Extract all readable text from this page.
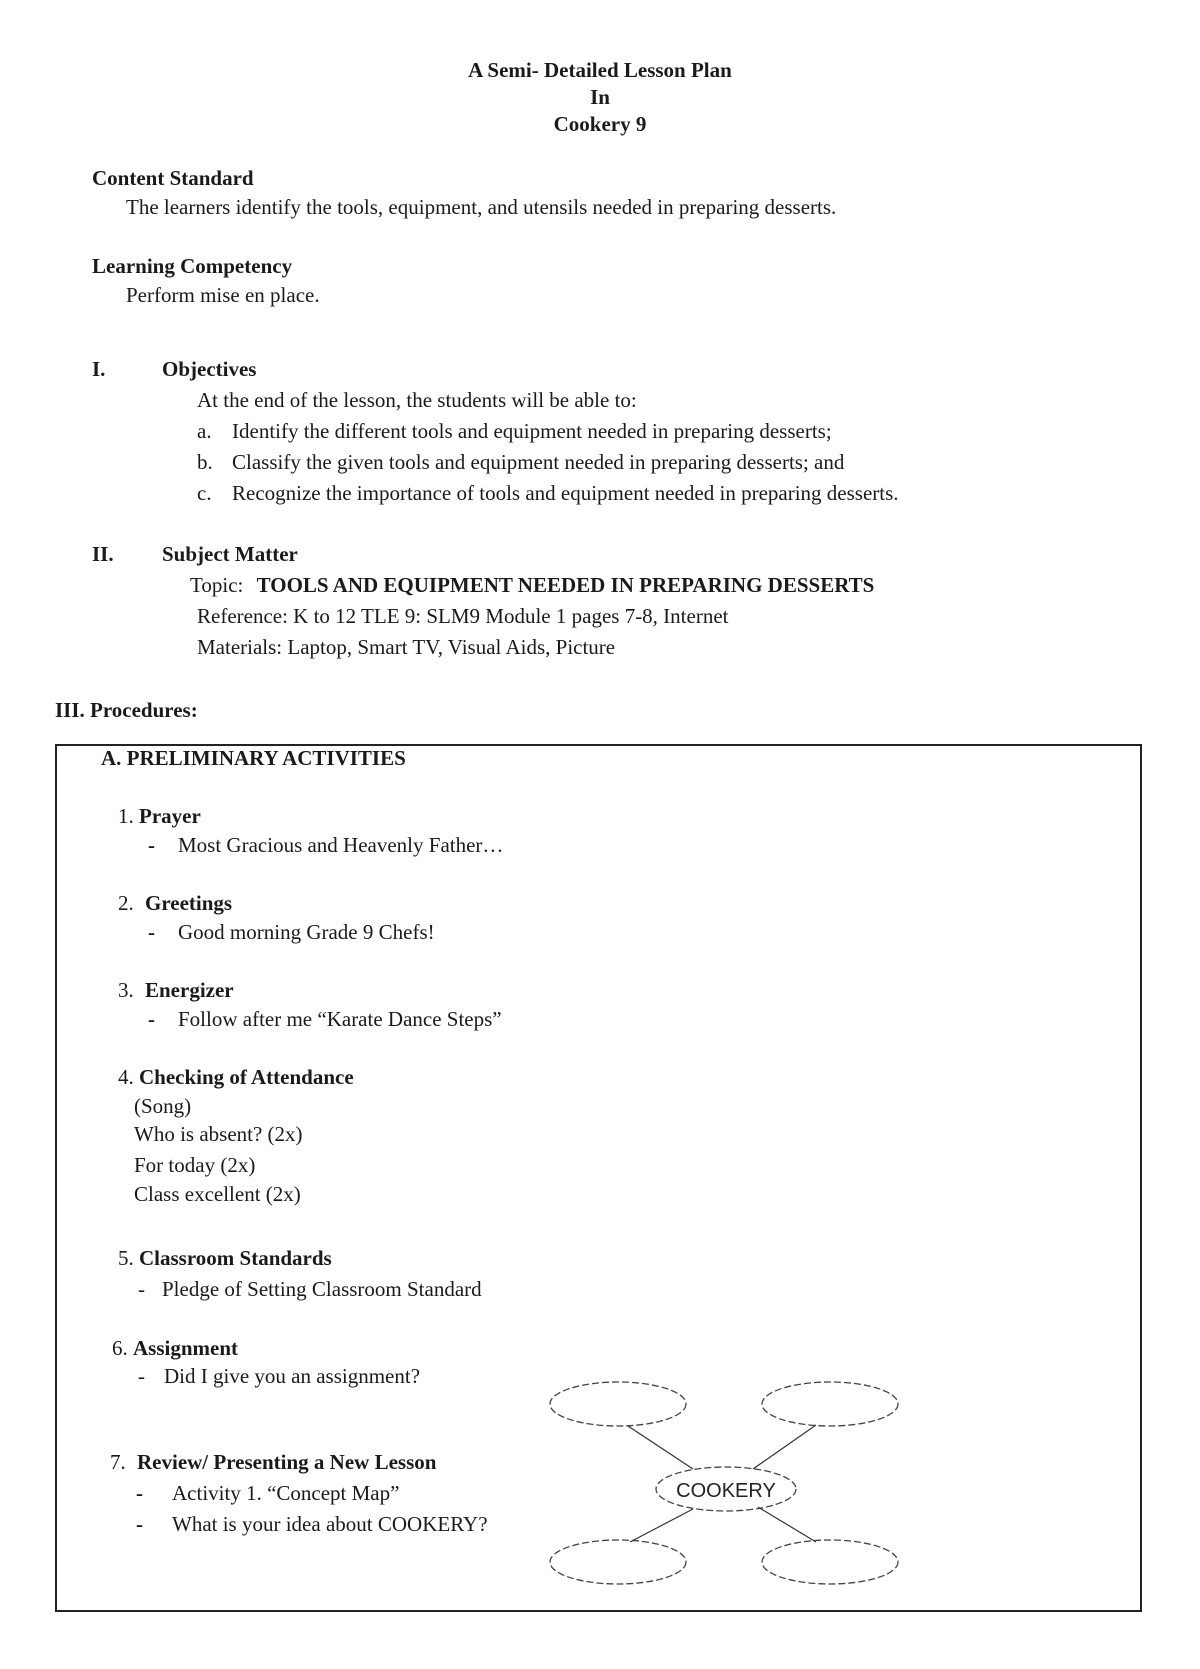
A Semi- Detailed Lesson Plan
In
Cookery 9
Content Standard
The learners identify the tools, equipment, and utensils needed in preparing desserts.
Learning Competency
Perform mise en place.
I.	Objectives
At the end of the lesson, the students will be able to:
a. Identify the different tools and equipment needed in preparing desserts;
b. Classify the given tools and equipment needed in preparing desserts; and
c. Recognize the importance of tools and equipment needed in preparing desserts.
II. Subject Matter
Topic: TOOLS AND EQUIPMENT NEEDED IN PREPARING DESSERTS
Reference: K to 12 TLE 9: SLM9 Module 1 pages 7-8, Internet
Materials: Laptop, Smart TV, Visual Aids, Picture
III. Procedures:
A. PRELIMINARY ACTIVITIES
1. Prayer
- Most Gracious and Heavenly Father…
2. Greetings
- Good morning Grade 9 Chefs!
3. Energizer
- Follow after me “Karate Dance Steps”
4. Checking of Attendance
(Song)
Who is absent? (2x)
For today (2x)
Class excellent (2x)
5. Classroom Standards
- Pledge of Setting Classroom Standard
6. Assignment
- Did I give you an assignment?
7. Review/ Presenting a New Lesson
- Activity 1. “Concept Map”
- What is your idea about COOKERY?
COOKERY
